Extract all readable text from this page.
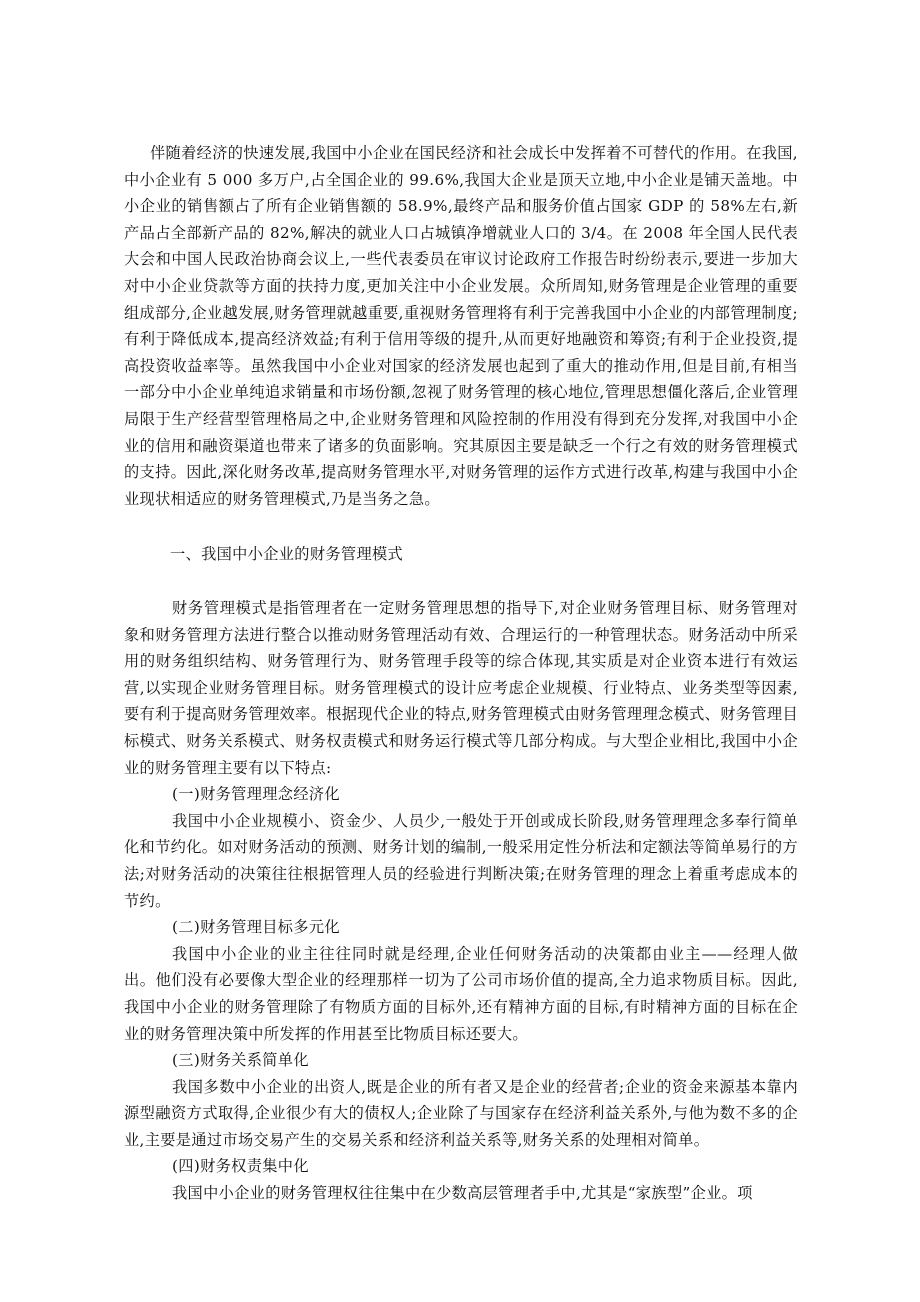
伴随着经济的快速发展,我国中小企业在国民经济和社会成长中发挥着不可替代的作用。在我国,中小企业有 5 000 多万户,占全国企业的 99.6%,我国大企业是顶天立地,中小企业是铺天盖地。中小企业的销售额占了所有企业销售额的 58.9%,最终产品和服务价值占国家 GDP 的 58%左右,新产品占全部新产品的 82%,解决的就业人口占城镇净增就业人口的 3/4。在 2008 年全国人民代表大会和中国人民政治协商会议上,一些代表委员在审议讨论政府工作报告时纷纷表示,要进一步加大对中小企业贷款等方面的扶持力度,更加关注中小企业发展。众所周知,财务管理是企业管理的重要组成部分,企业越发展,财务管理就越重要,重视财务管理将有利于完善我国中小企业的内部管理制度;有利于降低成本,提高经济效益;有利于信用等级的提升,从而更好地融资和筹资;有利于企业投资,提高投资收益率等。虽然我国中小企业对国家的经济发展也起到了重大的推动作用,但是目前,有相当一部分中小企业单纯追求销量和市场份额,忽视了财务管理的核心地位,管理思想僵化落后,企业管理局限于生产经营型管理格局之中,企业财务管理和风险控制的作用没有得到充分发挥,对我国中小企业的信用和融资渠道也带来了诸多的负面影响。究其原因主要是缺乏一个行之有效的财务管理模式的支持。因此,深化财务改革,提高财务管理水平,对财务管理的运作方式进行改革,构建与我国中小企业现状相适应的财务管理模式,乃是当务之急。

一、我国中小企业的财务管理模式

财务管理模式是指管理者在一定财务管理思想的指导下,对企业财务管理目标、财务管理对象和财务管理方法进行整合以推动财务管理活动有效、合理运行的一种管理状态。财务活动中所采用的财务组织结构、财务管理行为、财务管理手段等的综合体现,其实质是对企业资本进行有效运营,以实现企业财务管理目标。财务管理模式的设计应考虑企业规模、行业特点、业务类型等因素,要有利于提高财务管理效率。根据现代企业的特点,财务管理模式由财务管理理念模式、财务管理目标模式、财务关系模式、财务权责模式和财务运行模式等几部分构成。与大型企业相比,我国中小企业的财务管理主要有以下特点:

(一)财务管理理念经济化

我国中小企业规模小、资金少、人员少,一般处于开创或成长阶段,财务管理理念多奉行简单化和节约化。如对财务活动的预测、财务计划的编制,一般采用定性分析法和定额法等简单易行的方法;对财务活动的决策往往根据管理人员的经验进行判断决策;在财务管理的理念上着重考虑成本的节约。

(二)财务管理目标多元化

我国中小企业的业主往往同时就是经理,企业任何财务活动的决策都由业主——经理人做出。他们没有必要像大型企业的经理那样一切为了公司市场价值的提高,全力追求物质目标。因此,我国中小企业的财务管理除了有物质方面的目标外,还有精神方面的目标,有时精神方面的目标在企业的财务管理决策中所发挥的作用甚至比物质目标还要大。

(三)财务关系简单化

我国多数中小企业的出资人,既是企业的所有者又是企业的经营者;企业的资金来源基本靠内源型融资方式取得,企业很少有大的债权人;企业除了与国家存在经济利益关系外,与他为数不多的企业,主要是通过市场交易产生的交易关系和经济利益关系等,财务关系的处理相对简单。

(四)财务权责集中化

我国中小企业的财务管理权往往集中在少数高层管理者手中,尤其是“家族型”企业。项
